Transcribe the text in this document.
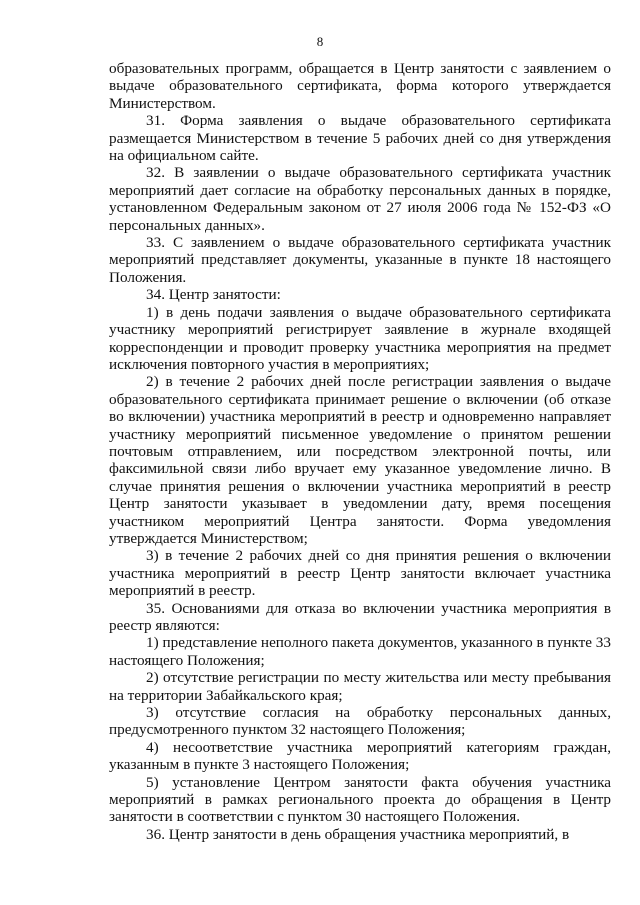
8

образовательных программ, обращается в Центр занятости с заявлением о выдаче образовательного сертификата, форма которого утверждается Министерством.

31. Форма заявления о выдаче образовательного сертификата размещается Министерством в течение 5 рабочих дней со дня утверждения на официальном сайте.

32. В заявлении о выдаче образовательного сертификата участник мероприятий дает согласие на обработку персональных данных в порядке, установленном Федеральным законом от 27 июля 2006 года № 152-ФЗ «О персональных данных».

33. С заявлением о выдаче образовательного сертификата участник мероприятий представляет документы, указанные в пункте 18 настоящего Положения.

34. Центр занятости:

1) в день подачи заявления о выдаче образовательного сертификата участнику мероприятий регистрирует заявление в журнале входящей корреспонденции и проводит проверку участника мероприятия на предмет исключения повторного участия в мероприятиях;

2) в течение 2 рабочих дней после регистрации заявления о выдаче образовательного сертификата принимает решение о включении (об отказе во включении) участника мероприятий в реестр и одновременно направляет участнику мероприятий письменное уведомление о принятом решении почтовым отправлением, или посредством электронной почты, или факсимильной связи либо вручает ему указанное уведомление лично. В случае принятия решения о включении участника мероприятий в реестр Центр занятости указывает в уведомлении дату, время посещения участником мероприятий Центра занятости. Форма уведомления утверждается Министерством;

3) в течение 2 рабочих дней со дня принятия решения о включении участника мероприятий в реестр Центр занятости включает участника мероприятий в реестр.

35. Основаниями для отказа во включении участника мероприятия в реестр являются:

1) представление неполного пакета документов, указанного в пункте 33 настоящего Положения;

2) отсутствие регистрации по месту жительства или месту пребывания на территории Забайкальского края;

3) отсутствие согласия на обработку персональных данных, предусмотренного пунктом 32 настоящего Положения;

4) несоответствие участника мероприятий категориям граждан, указанным в пункте 3 настоящего Положения;

5) установление Центром занятости факта обучения участника мероприятий в рамках регионального проекта до обращения в Центр занятости в соответствии с пунктом 30 настоящего Положения.

36. Центр занятости в день обращения участника мероприятий, в
